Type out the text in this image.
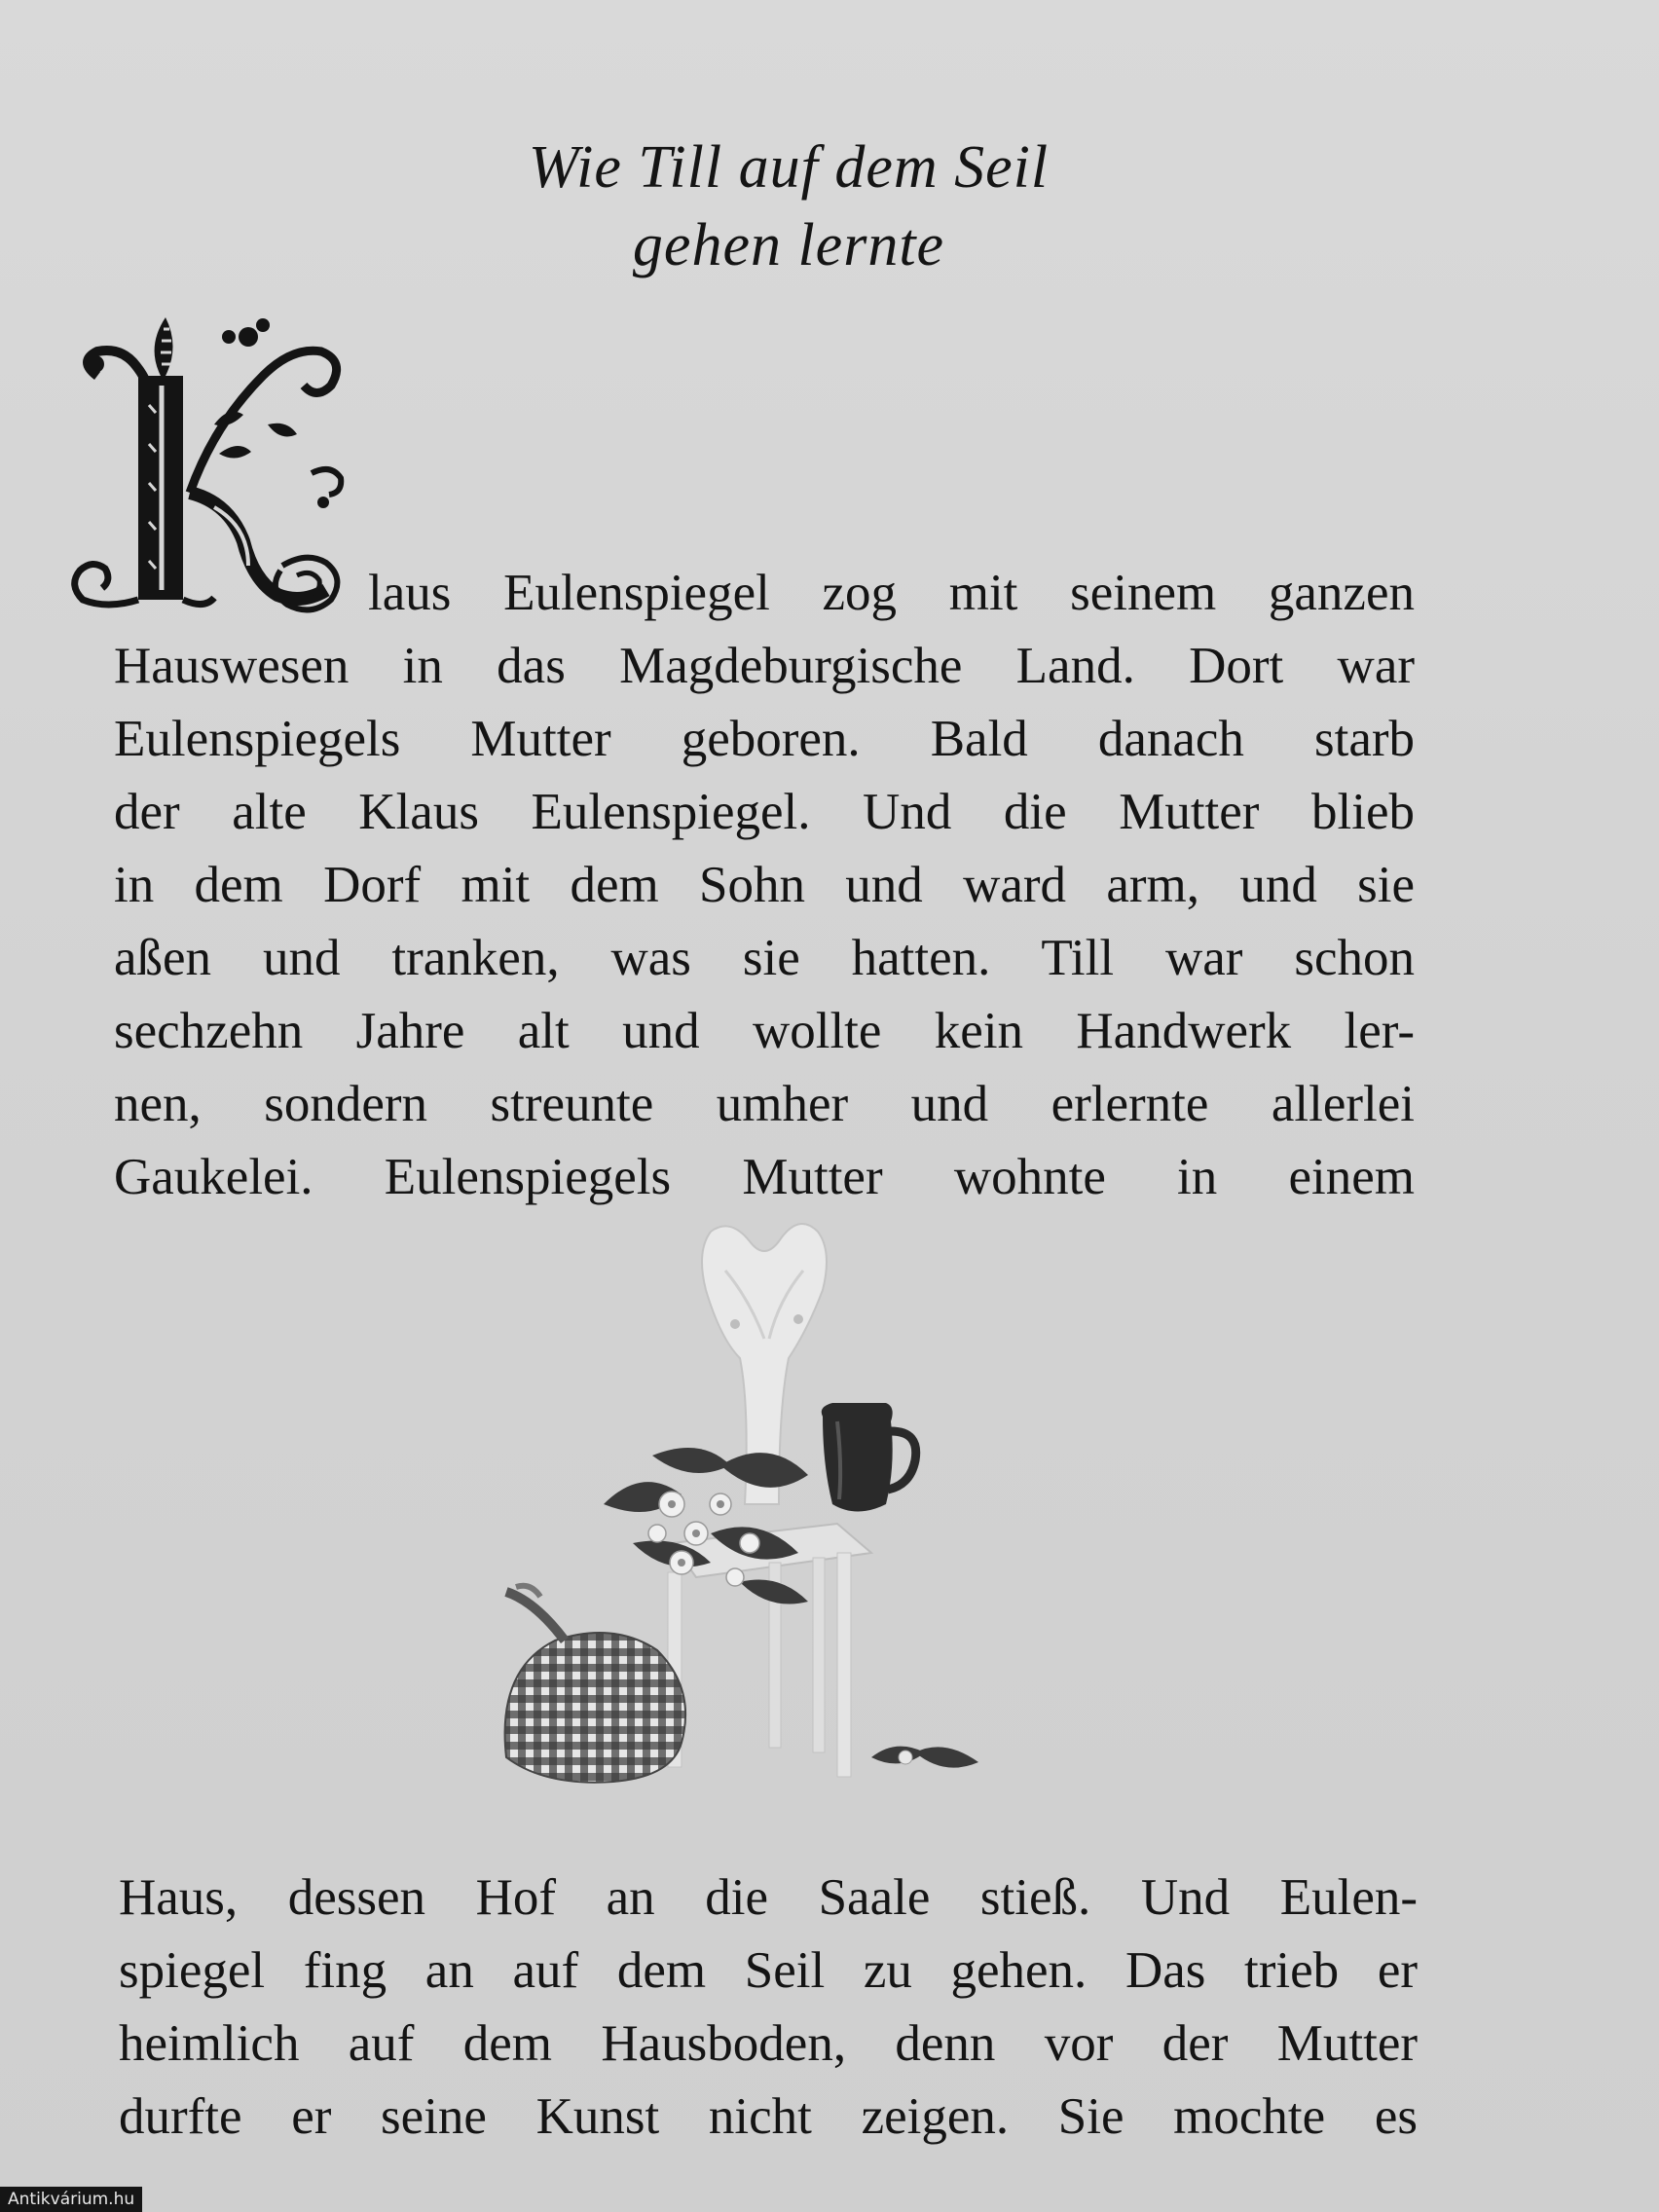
Wie Till auf dem Seil
gehen lernte
laus Eulenspiegel zog mit seinem ganzen
Hauswesen in das Magdeburgische Land. Dort war
Eulenspiegels Mutter geboren. Bald danach starb
der alte Klaus Eulenspiegel. Und die Mutter blieb
in dem Dorf mit dem Sohn und ward arm, und sie
aßen und tranken, was sie hatten. Till war schon
sechzehn Jahre alt und wollte kein Handwerk ler-
nen, sondern streunte umher und erlernte allerlei
Gaukelei. Eulenspiegels Mutter wohnte in einem
Haus, dessen Hof an die Saale stieß. Und Eulen-
spiegel fing an auf dem Seil zu gehen. Das trieb er
heimlich auf dem Hausboden, denn vor der Mutter
durfte er seine Kunst nicht zeigen. Sie mochte es
Antikvárium.hu
